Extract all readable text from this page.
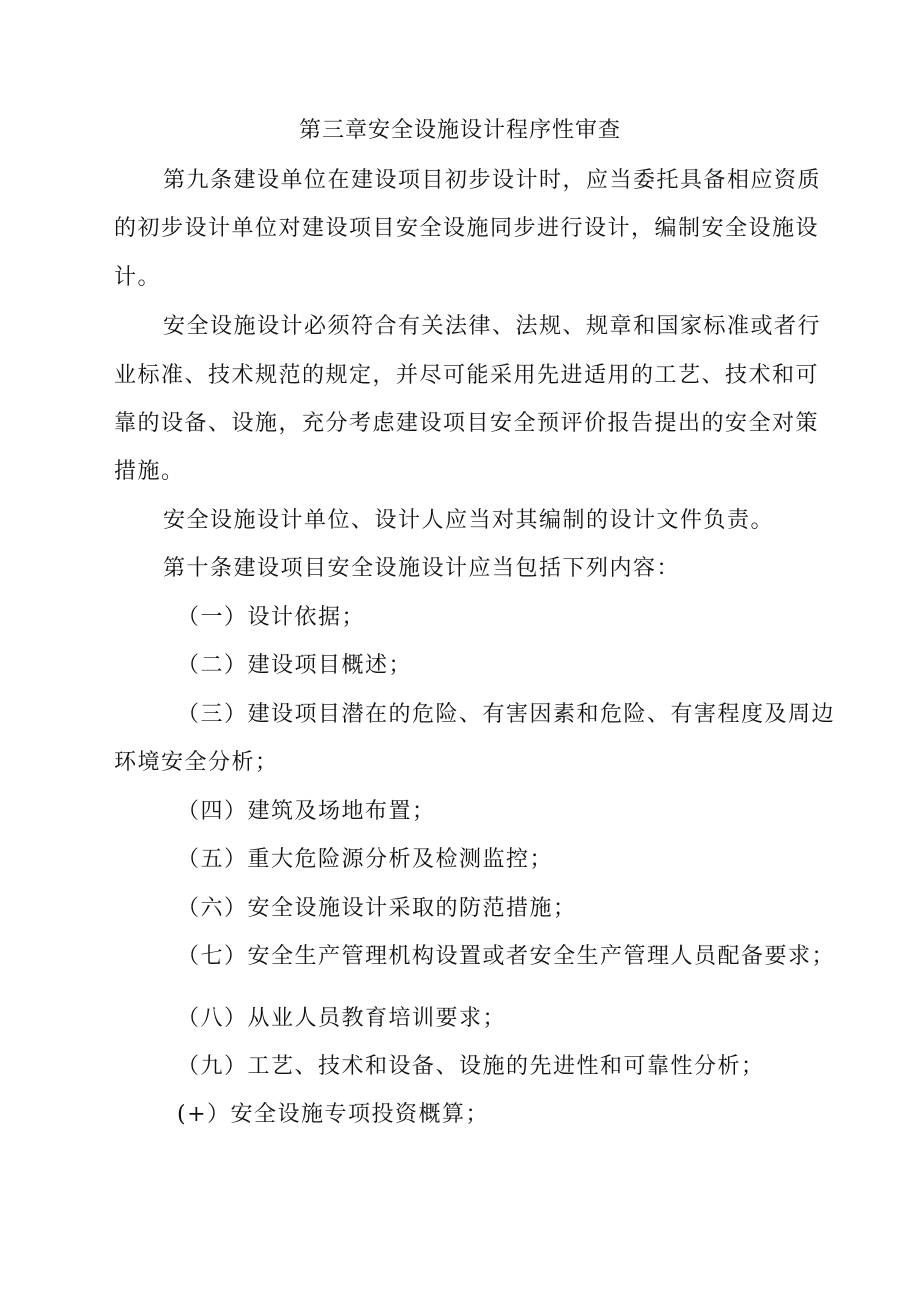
第三章安全设施设计程序性审查

第九条建设单位在建设项目初步设计时，应当委托具备相应资质

的初步设计单位对建设项目安全设施同步进行设计，编制安全设施设

计。

安全设施设计必须符合有关法律、法规、规章和国家标准或者行

业标准、技术规范的规定，并尽可能采用先进适用的工艺、技术和可

靠的设备、设施，充分考虑建设项目安全预评价报告提出的安全对策

措施。

安全设施设计单位、设计人应当对其编制的设计文件负责。

第十条建设项目安全设施设计应当包括下列内容：

（一）设计依据；

（二）建设项目概述；

（三）建设项目潜在的危险、有害因素和危险、有害程度及周边

环境安全分析；

（四）建筑及场地布置；

（五）重大危险源分析及检测监控；

（六）安全设施设计采取的防范措施；

（七）安全生产管理机构设置或者安全生产管理人员配备要求；

（八）从业人员教育培训要求；

（九）工艺、技术和设备、设施的先进性和可靠性分析；

(+）安全设施专项投资概算；
